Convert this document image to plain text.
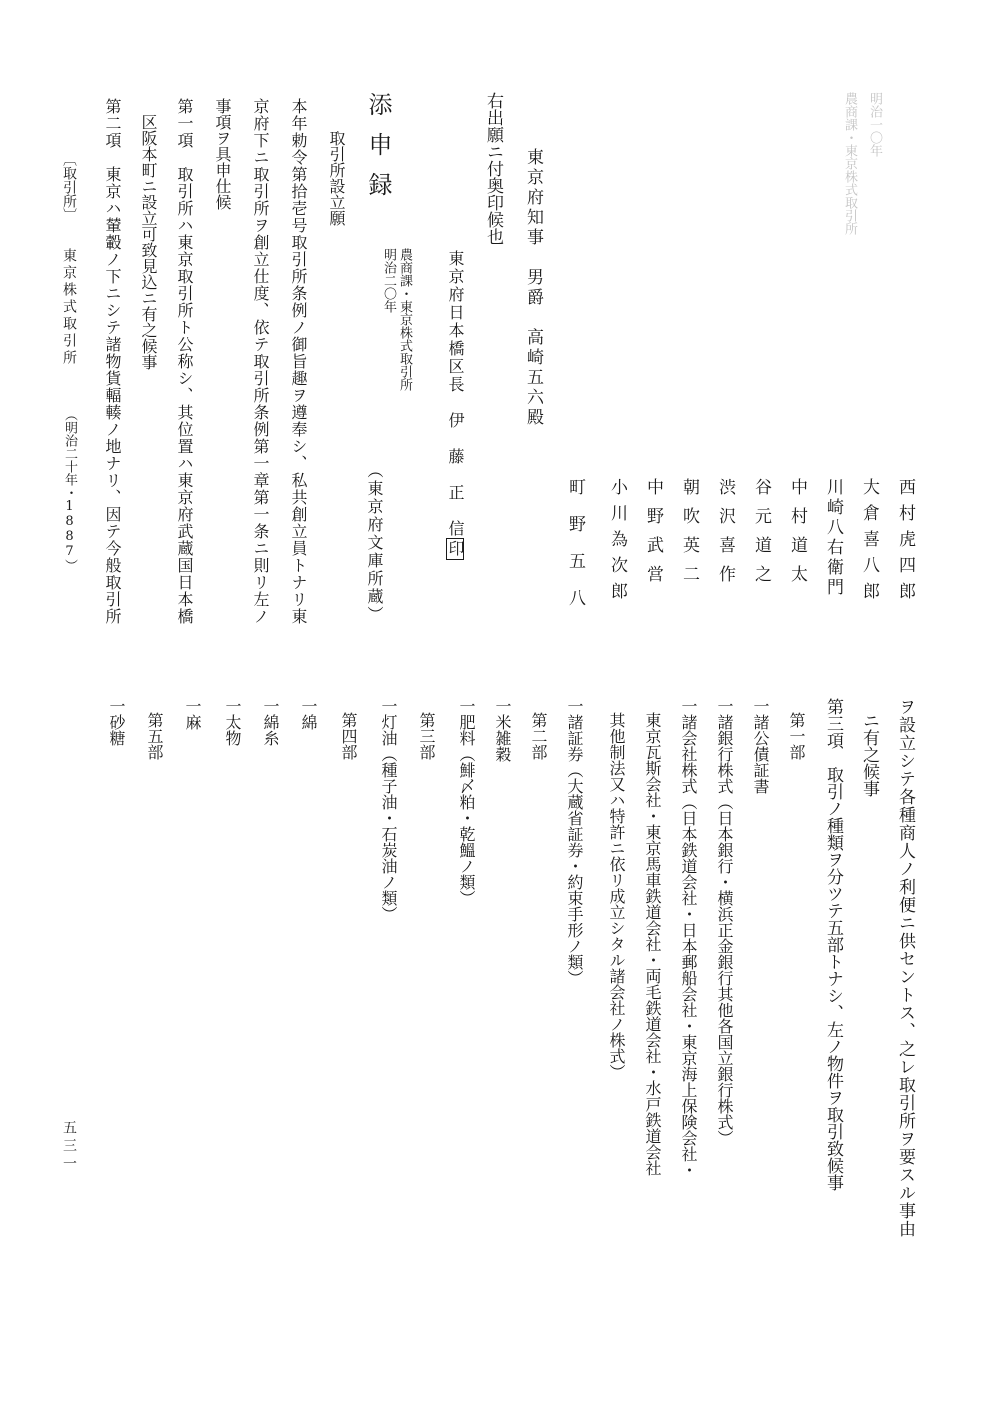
明治一〇年
農商課・東京株式取引所
西村虎四郎
大倉喜八郎
川崎八右衛門
中村道太
谷元道之
渋沢喜作
朝吹英二
中野武営
小川為次郎
町野五八
ヲ設立シテ各種商人ノ利便ニ供セントス、之レ取引所ヲ要スル事由
ニ有之候事
第三項　取引ノ種類ヲ分ツテ五部トナシ、左ノ物件ヲ取引致候事
第一部
一諸公債証書
一諸銀行株式（日本銀行・横浜正金銀行其他各国立銀行株式）
一諸会社株式（日本鉄道会社・日本郵船会社・東京海上保険会社・
東京瓦斯会社・東京馬車鉄道会社・両毛鉄道会社・水戸鉄道会社
其他制法又ハ特許ニ依リ成立シタル諸会社ノ株式）
一諸証券（大蔵省証券・約束手形ノ類）
第二部
一米雑穀
一肥料（鯡〆粕・乾鰮ノ類）
第三部
一灯油（種子油・石炭油ノ類）
第四部
一綿
一綿糸
一太物
一麻
第五部
一砂糖
東京府知事　男爵　高崎五六殿
右出願ニ付奥印候也
東京府日本橋区長　伊　藤　正　信印
添申録
明治二〇年 農商課・東京株式取引所
（東京府文庫所蔵）
取引所設立願
本年勅令第拾壱号取引所条例ノ御旨趣ヲ遵奉シ、私共創立員トナリ東
京府下ニ取引所ヲ創立仕度、依テ取引所条例第一章第一条ニ則リ左ノ
事項ヲ具申仕候
第一項　取引所ハ東京取引所ト公称シ、其位置ハ東京府武蔵国日本橋
区阪本町ニ設立可致見込ニ有之候事
第二項　東京ハ輦轂ノ下ニシテ諸物貨輻輳ノ地ナリ、因テ今般取引所
〔取引所〕
東京株式取引所
（明治二十年・1887）
五三一
